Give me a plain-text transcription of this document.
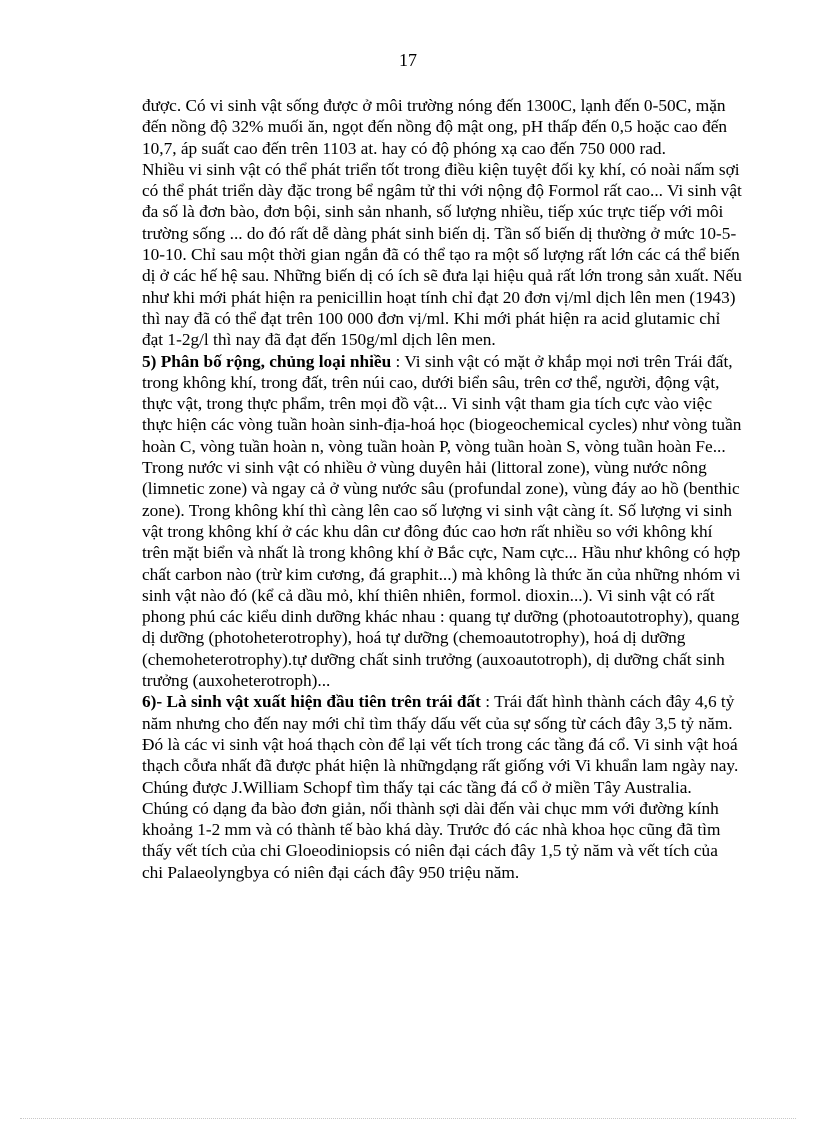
17

được. Có vi sinh vật sống được ở môi trường nóng đến 1300C, lạnh đến 0-50C, mặn đến nồng độ 32% muối ăn, ngọt đến nồng độ mật ong, pH thấp đến 0,5 hoặc cao đến 10,7, áp suất cao đến trên 1103 at. hay có độ phóng xạ cao đến 750 000 rad.

Nhiều vi sinh vật có thể phát triển tốt trong điều kiện tuyệt đối kỵ khí, có noài nấm sợi có thể phát triển dày đặc trong bể ngâm tử thi với nộng độ Formol rất cao... Vi sinh vật đa số là đơn bào, đơn bội, sinh sản nhanh, số lượng nhiều, tiếp xúc trực tiếp với môi trường sống ... do đó rất dễ dàng phát sinh biến dị. Tần số biến dị thường ở mức 10-5-10-10. Chỉ sau một thời gian ngắn đã có thể tạo ra một số lượng rất lớn các cá thể biến dị ở các hế hệ sau. Những biến dị có ích sẽ đưa lại hiệu quả rất lớn trong sản xuất. Nếu như khi mới phát hiện ra penicillin hoạt tính chỉ đạt 20 đơn vị/ml dịch lên men (1943) thì nay đã có thể đạt trên 100 000 đơn vị/ml. Khi mới phát hiện ra acid glutamic chỉ đạt 1-2g/l thì nay đã đạt đến 150g/ml dịch lên men.

5) Phân bố rộng, chủng loại nhiều : Vi sinh vật có mặt ở khắp mọi nơi trên Trái đất, trong không khí, trong đất, trên núi cao, dưới biển sâu, trên cơ thể, người, động vật, thực vật, trong thực phẩm, trên mọi đồ vật... Vi sinh vật tham gia tích cực vào việc thực hiện các vòng tuần hoàn sinh-địa-hoá học (biogeochemical cycles) như vòng tuần hoàn C, vòng tuần hoàn n, vòng tuần hoàn P, vòng tuần hoàn S, vòng tuần hoàn Fe... Trong nước vi sinh vật có nhiều ở vùng duyên hải (littoral zone), vùng nước nông (limnetic zone) và ngay cả ở vùng nước sâu (profundal zone), vùng đáy ao hồ (benthic zone). Trong không khí thì càng lên cao số lượng vi sinh vật càng ít. Số lượng vi sinh vật trong không khí ở các khu dân cư đông đúc cao hơn rất nhiều so với không khí trên mặt biển và nhất là trong không khí ở Bắc cực, Nam cực... Hầu như không có hợp chất carbon nào (trừ kim cương, đá graphit...) mà không là thức ăn của những nhóm vi sinh vật nào đó (kể cả dầu mỏ, khí thiên nhiên, formol. dioxin...). Vi sinh vật có rất phong phú các kiểu dinh dưỡng khác nhau : quang tự dưỡng (photoautotrophy), quang dị dưỡng (photoheterotrophy), hoá tự dưỡng (chemoautotrophy), hoá dị dưỡng (chemoheterotrophy).tự dưỡng chất sinh trưởng (auxoautotroph), dị dưỡng chất sinh trưởng (auxoheterotroph)...

6)- Là sinh vật xuất hiện đầu tiên trên trái đất : Trái đất hình thành cách đây 4,6 tỷ năm nhưng cho đến nay mới chỉ tìm thấy dấu vết của sự sống từ cách đây 3,5 tỷ năm. Đó là các vi sinh vật hoá thạch còn để lại vết tích trong các tầng đá cổ. Vi sinh vật hoá thạch cỗưa nhất đã được phát hiện là nhữngdạng rất giống với Vi khuẩn lam ngày nay. Chúng được J.William Schopf tìm thấy tại các tầng đá cổ ở miền Tây Australia. Chúng có dạng đa bào đơn giản, nối thành sợi dài đến vài chục mm với đường kính khoảng 1-2 mm và có thành tế bào khá dày. Trước đó các nhà khoa học cũng đã tìm thấy vết tích của chi Gloeodiniopsis có niên đại cách đây 1,5 tỷ năm và vết tích của chi Palaeolyngbya có niên đại cách đây 950 triệu năm.
